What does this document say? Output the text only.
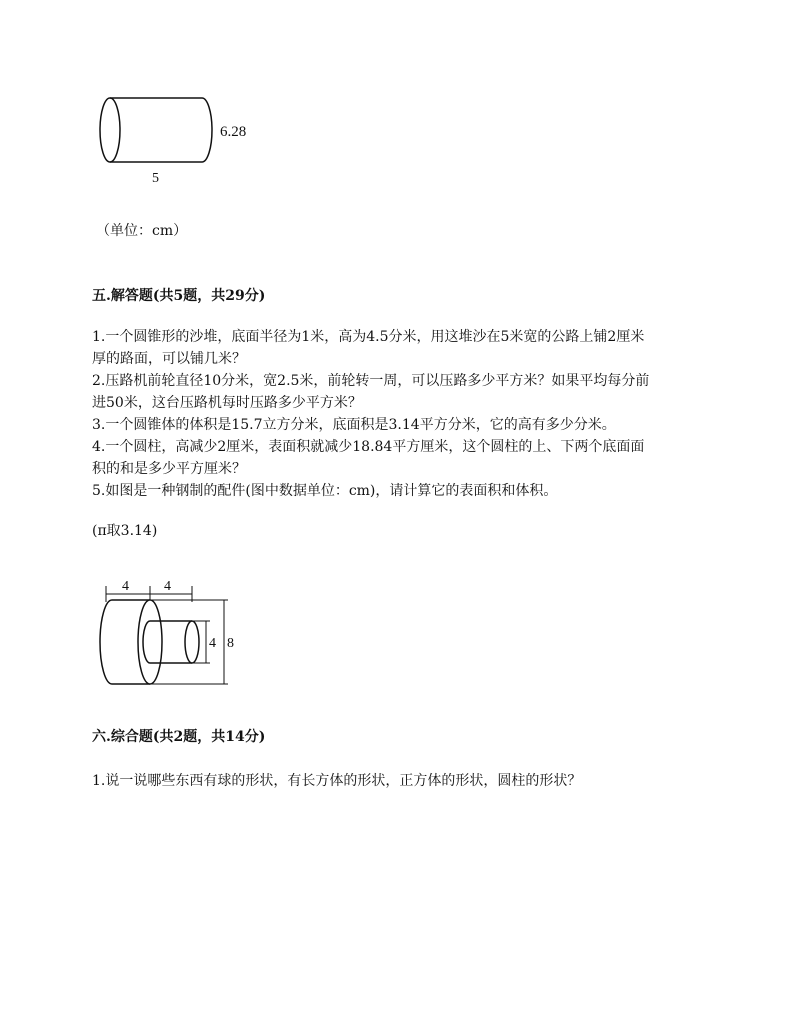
6.28
5
（单位：cm）
五.解答题(共5题，共29分)
1.一个圆锥形的沙堆，底面半径为1米，高为4.5分米，用这堆沙在5米宽的公路上铺2厘米
厚的路面，可以铺几米？
2.压路机前轮直径10分米，宽2.5米，前轮转一周，可以压路多少平方米？如果平均每分前
进50米，这台压路机每时压路多少平方米？
3.一个圆锥体的体积是15.7立方分米，底面积是3.14平方分米，它的高有多少分米。
4.一个圆柱，高减少2厘米，表面积就减少18.84平方厘米，这个圆柱的上、下两个底面面
积的和是多少平方厘米？
5.如图是一种钢制的配件(图中数据单位：cm)，请计算它的表面积和体积。
(π取3.14)
4	4
4 8
六.综合题(共2题，共14分)
1.说一说哪些东西有球的形状，有长方体的形状，正方体的形状，圆柱的形状？
